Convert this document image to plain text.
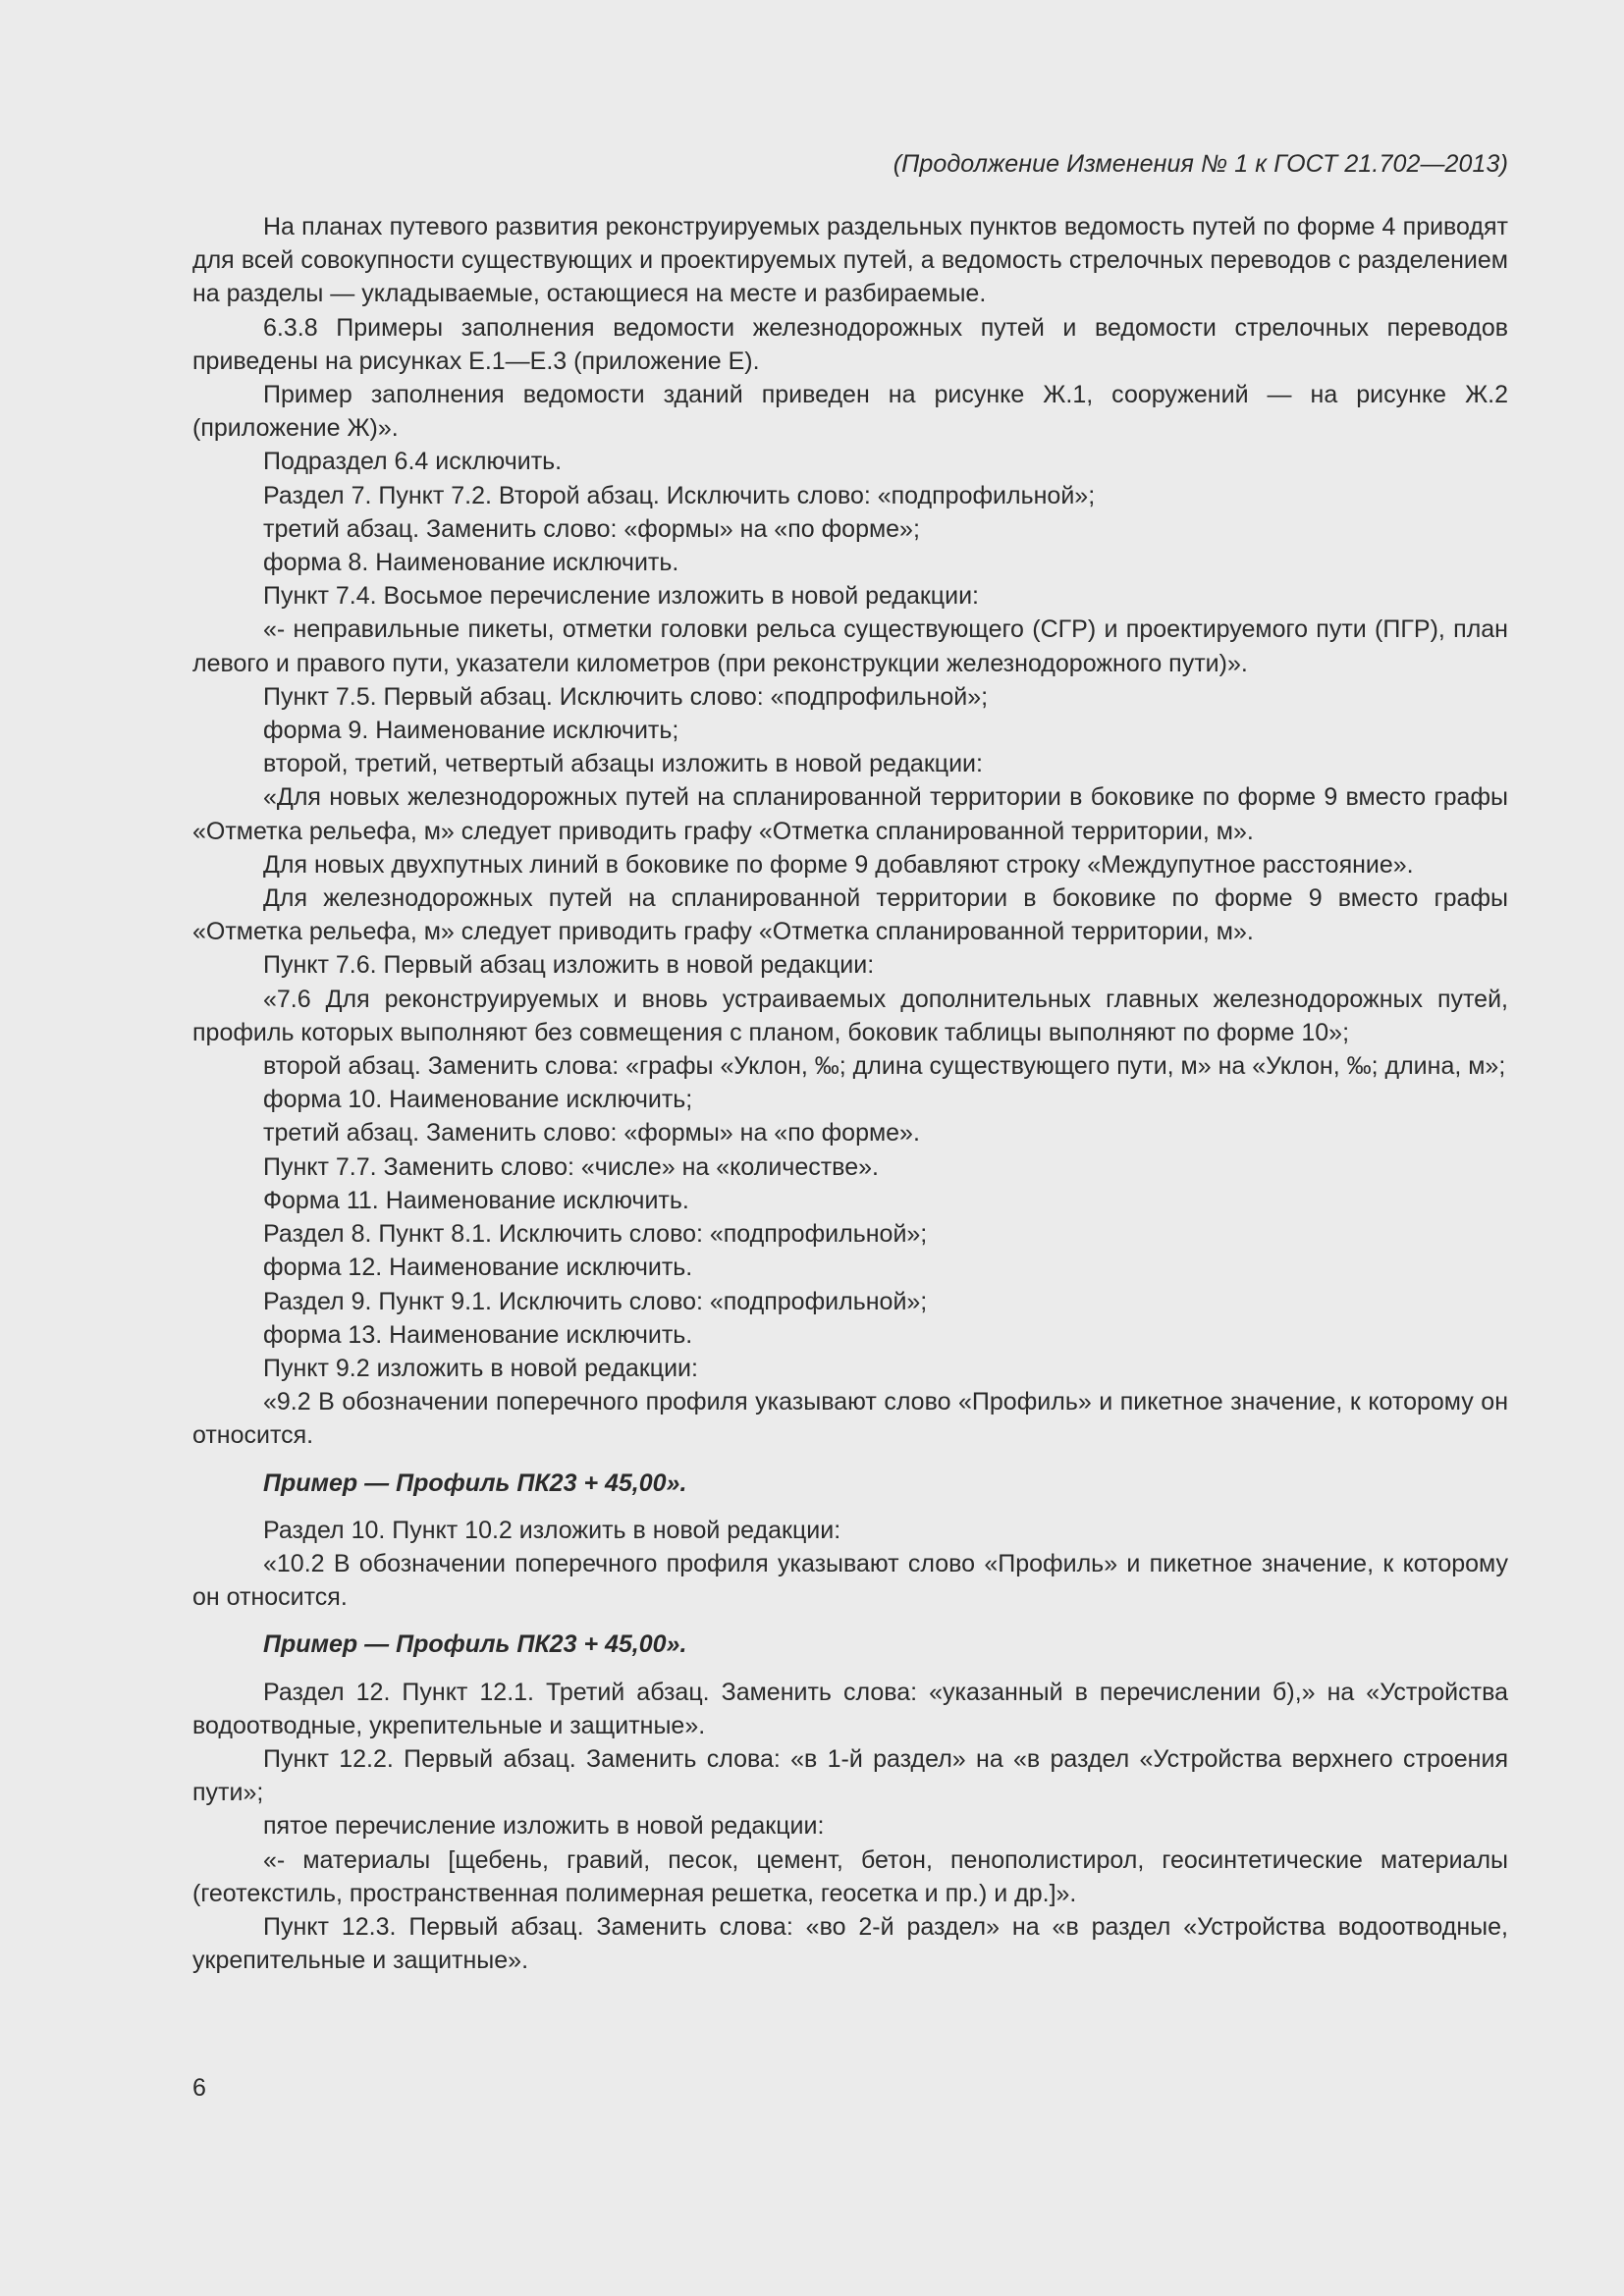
(Продолжение Изменения № 1 к ГОСТ 21.702—2013)

На планах путевого развития реконструируемых раздельных пунктов ведомость путей по форме 4 приводят для всей совокупности существующих и проектируемых путей, а ведомость стрелочных переводов с разделением на разделы — укладываемые, остающиеся на месте и разбираемые.

6.3.8 Примеры заполнения ведомости железнодорожных путей и ведомости стрелочных переводов приведены на рисунках Е.1—Е.3 (приложение Е).

Пример заполнения ведомости зданий приведен на рисунке Ж.1, сооружений — на рисунке Ж.2 (приложение Ж)».

Подраздел 6.4 исключить.

Раздел 7. Пункт 7.2. Второй абзац. Исключить слово: «подпрофильной»;

третий абзац. Заменить слово: «формы» на «по форме»;

форма 8. Наименование исключить.

Пункт 7.4. Восьмое перечисление изложить в новой редакции:

«- неправильные пикеты, отметки головки рельса существующего (СГР) и проектируемого пути (ПГР), план левого и правого пути, указатели километров (при реконструкции железнодорожного пути)».

Пункт 7.5. Первый абзац. Исключить слово: «подпрофильной»;

форма 9. Наименование исключить;

второй, третий, четвертый абзацы изложить в новой редакции:

«Для новых железнодорожных путей на спланированной территории в боковике по форме 9 вместо графы «Отметка рельефа, м» следует приводить графу «Отметка спланированной территории, м».

Для новых двухпутных линий в боковике по форме 9 добавляют строку «Междупутное расстояние».

Для железнодорожных путей на спланированной территории в боковике по форме 9 вместо графы «Отметка рельефа, м» следует приводить графу «Отметка спланированной территории, м».

Пункт 7.6. Первый абзац изложить в новой редакции:

«7.6 Для реконструируемых и вновь устраиваемых дополнительных главных железнодорожных путей, профиль которых выполняют без совмещения с планом, боковик таблицы выполняют по форме 10»;

второй абзац. Заменить слова: «графы «Уклон, ‰; длина существующего пути, м» на «Уклон, ‰; длина, м»;

форма 10. Наименование исключить;

третий абзац. Заменить слово: «формы» на «по форме».

Пункт 7.7. Заменить слово: «числе» на «количестве».

Форма 11. Наименование исключить.

Раздел 8. Пункт 8.1. Исключить слово: «подпрофильной»;

форма 12. Наименование исключить.

Раздел 9. Пункт 9.1. Исключить слово: «подпрофильной»;

форма 13. Наименование исключить.

Пункт 9.2 изложить в новой редакции:

«9.2 В обозначении поперечного профиля указывают слово «Профиль» и пикетное значение, к которому он относится.

Пример — Профиль ПК23 + 45,00».

Раздел 10. Пункт 10.2 изложить в новой редакции:

«10.2 В обозначении поперечного профиля указывают слово «Профиль» и пикетное значение, к которому он относится.

Пример — Профиль ПК23 + 45,00».

Раздел 12. Пункт 12.1. Третий абзац. Заменить слова: «указанный в перечислении б),» на «Устройства водоотводные, укрепительные и защитные».

Пункт 12.2. Первый абзац. Заменить слова: «в 1-й раздел» на «в раздел «Устройства верхнего строения пути»;

пятое перечисление изложить в новой редакции:

«- материалы [щебень, гравий, песок, цемент, бетон, пенополистирол, геосинтетические материалы (геотекстиль, пространственная полимерная решетка, геосетка и пр.) и др.]».

Пункт 12.3. Первый абзац. Заменить слова: «во 2-й раздел» на «в раздел «Устройства водоотводные, укрепительные и защитные».

6
